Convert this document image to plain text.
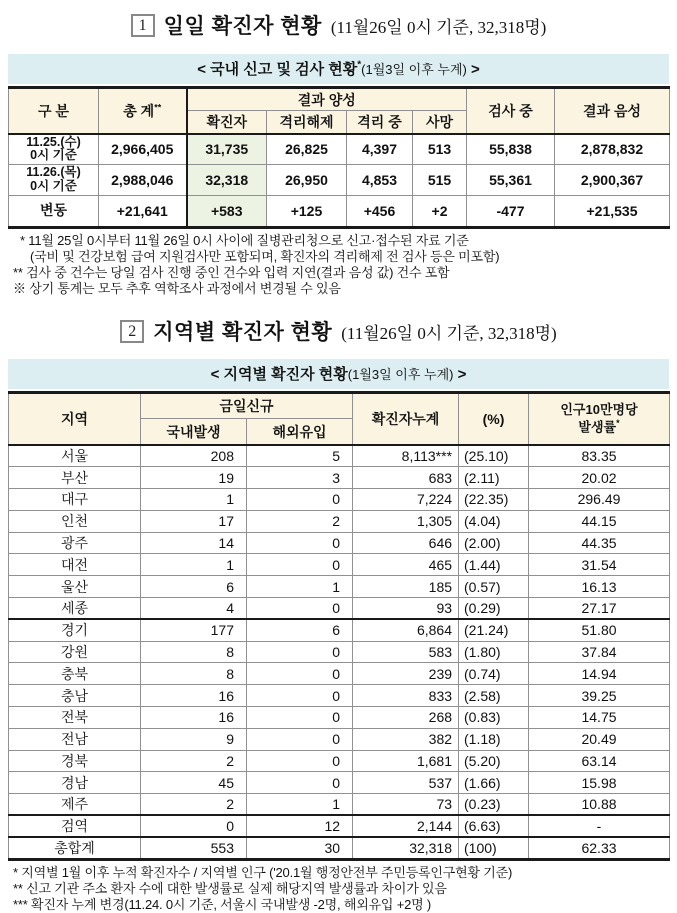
1 일일 확진자 현황 (11월26일 0시 기준, 32,318명)
< 국내 신고 및 검사 현황*(1월3일 이후 누계) >
구 분	총 계**	결과 양성				검사 중	결과 음성
		확진자	격리해제	격리 중	사망		

11.25.(수)
0시 기준	2,966,405	31,735	26,825	4,397	513	55,838	2,878,832

11.26.(목)
0시 기준	2,988,046	32,318	26,950	4,853	515	55,361	2,900,367

변동	+21,641	+583	+125	+456	+2	-477	+21,535
* 11월 25일 0시부터 11월 26일 0시 사이에 질병관리청으로 신고·접수된 자료 기준
(국비 및 건강보험 급여 지원검사만 포함되며, 확진자의 격리해제 전 검사 등은 미포함)
** 검사 중 건수는 당일 검사 진행 중인 건수와 입력 지연(결과 음성 값) 건수 포함
※ 상기 통계는 모두 추후 역학조사 과정에서 변경될 수 있음
2 지역별 확진자 현황 (11월26일 0시 기준, 32,318명)
< 지역별 확진자 현황(1월3일 이후 누계) >
지역	금일신규		확진자누계	(%)	인구10만명당
발생률*

	국내발생	해외유입			
서울	208	5	8,113***	(25.10)	83.35
부산	19	3	683	(2.11)	20.02
대구	1	0	7,224	(22.35)	296.49
인천	17	2	1,305	(4.04)	44.15
광주	14	0	646	(2.00)	44.35
대전	1	0	465	(1.44)	31.54
울산	6	1	185	(0.57)	16.13
세종	4	0	93	(0.29)	27.17
경기	177	6	6,864	(21.24)	51.80
강원	8	0	583	(1.80)	37.84
충북	8	0	239	(0.74)	14.94
충남	16	0	833	(2.58)	39.25
전북	16	0	268	(0.83)	14.75
전남	9	0	382	(1.18)	20.49
경북	2	0	1,681	(5.20)	63.14
경남	45	0	537	(1.66)	15.98
제주	2	1	73	(0.23)	10.88
검역	0	12	2,144	(6.63)	-
총합계	553	30	32,318	(100)	62.33
* 지역별 1월 이후 누적 확진자수 / 지역별 인구 ('20.1월 행정안전부 주민등록인구현황 기준)
** 신고 기관 주소 환자 수에 대한 발생률로 실제 해당지역 발생률과 차이가 있음
*** 확진자 누계 변경(11.24. 0시 기준, 서울시 국내발생 -2명, 해외유입 +2명 )
